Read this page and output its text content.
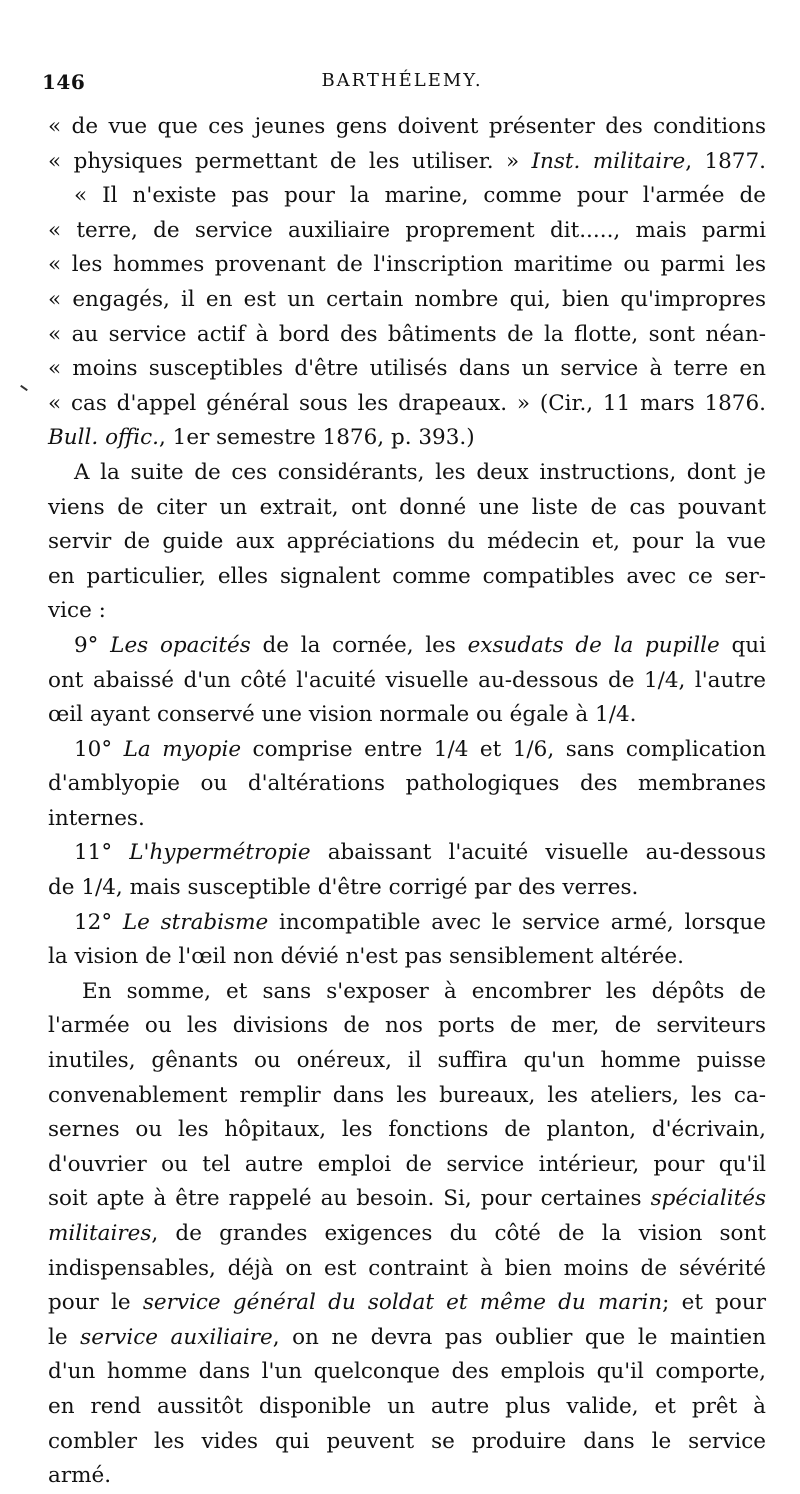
146	BARTHÉLEMY.
« de vue que ces jeunes gens doivent présenter des conditions
« physiques permettant de les utiliser. » Inst. militaire, 1877.
« Il n'existe pas pour la marine, comme pour l'armée de
« terre, de service auxiliaire proprement dit....., mais parmi
« les hommes provenant de l'inscription maritime ou parmi les
« engagés, il en est un certain nombre qui, bien qu'impropres
« au service actif à bord des bâtiments de la flotte, sont néan-
« moins susceptibles d'être utilisés dans un service à terre en
« cas d'appel général sous les drapeaux. » (Cir., 11 mars 1876.
Bull. offic., 1er semestre 1876, p. 393.)
A la suite de ces considérants, les deux instructions, dont je
viens de citer un extrait, ont donné une liste de cas pouvant
servir de guide aux appréciations du médecin et, pour la vue
en particulier, elles signalent comme compatibles avec ce ser-
vice :
9° Les opacités de la cornée, les exsudats de la pupille qui
ont abaissé d'un côté l'acuité visuelle au-dessous de 1/4, l'autre
œil ayant conservé une vision normale ou égale à 1/4.
10° La myopie comprise entre 1/4 et 1/6, sans complication
d'amblyopie ou d'altérations pathologiques des membranes
internes.
11° L'hypermétropie abaissant l'acuité visuelle au-dessous
de 1/4, mais susceptible d'être corrigé par des verres.
12° Le strabisme incompatible avec le service armé, lorsque
la vision de l'œil non dévié n'est pas sensiblement altérée.
En somme, et sans s'exposer à encombrer les dépôts de
l'armée ou les divisions de nos ports de mer, de serviteurs
inutiles, gênants ou onéreux, il suffira qu'un homme puisse
convenablement remplir dans les bureaux, les ateliers, les ca-
sernes ou les hôpitaux, les fonctions de planton, d'écrivain,
d'ouvrier ou tel autre emploi de service intérieur, pour qu'il
soit apte à être rappelé au besoin. Si, pour certaines spécialités
militaires, de grandes exigences du côté de la vision sont
indispensables, déjà on est contraint à bien moins de sévérité
pour le service général du soldat et même du marin; et pour
le service auxiliaire, on ne devra pas oublier que le maintien
d'un homme dans l'un quelconque des emplois qu'il comporte,
en rend aussitôt disponible un autre plus valide, et prêt à
combler les vides qui peuvent se produire dans le service
armé.
